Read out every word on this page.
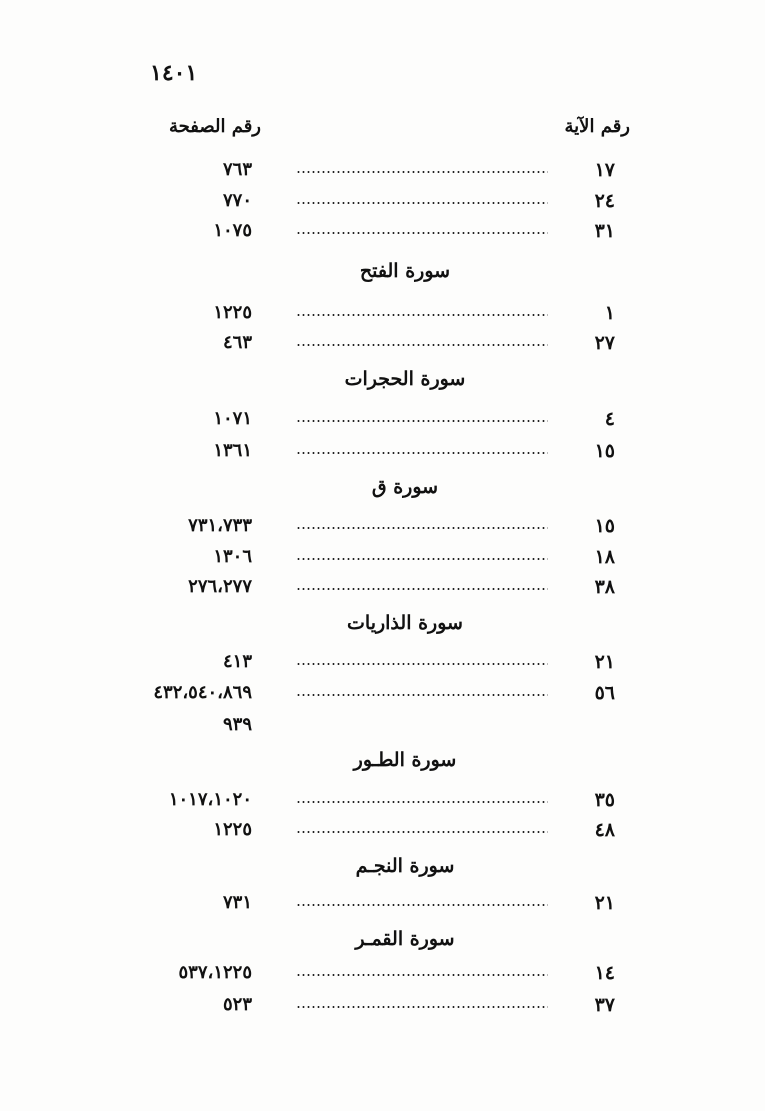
١٤٠١
رقم الآية
رقم الصفحة
١٧
٧٦٣
٢٤
٧٧٠
٣١
١٠٧٥
سورة الفتح
١
١٢٢٥
٢٧
٤٦٣
سورة الحجرات
٤
١٠٧١
١٥
١٣٦١
سورة ق
١٥
٧٣١،٧٣٣
١٨
١٣٠٦
٣٨
٢٧٦،٢٧٧
سورة الذاريات
٢١
٤١٣
٥٦
٤٣٢،٥٤٠،٨٦٩
٩٣٩
سورة الطـور
٣٥
١٠١٧،١٠٢٠
٤٨
١٢٢٥
سورة النجـم
٢١
٧٣١
سورة القمـر
١٤
٥٣٧،١٢٢٥
٣٧
٥٢٣
